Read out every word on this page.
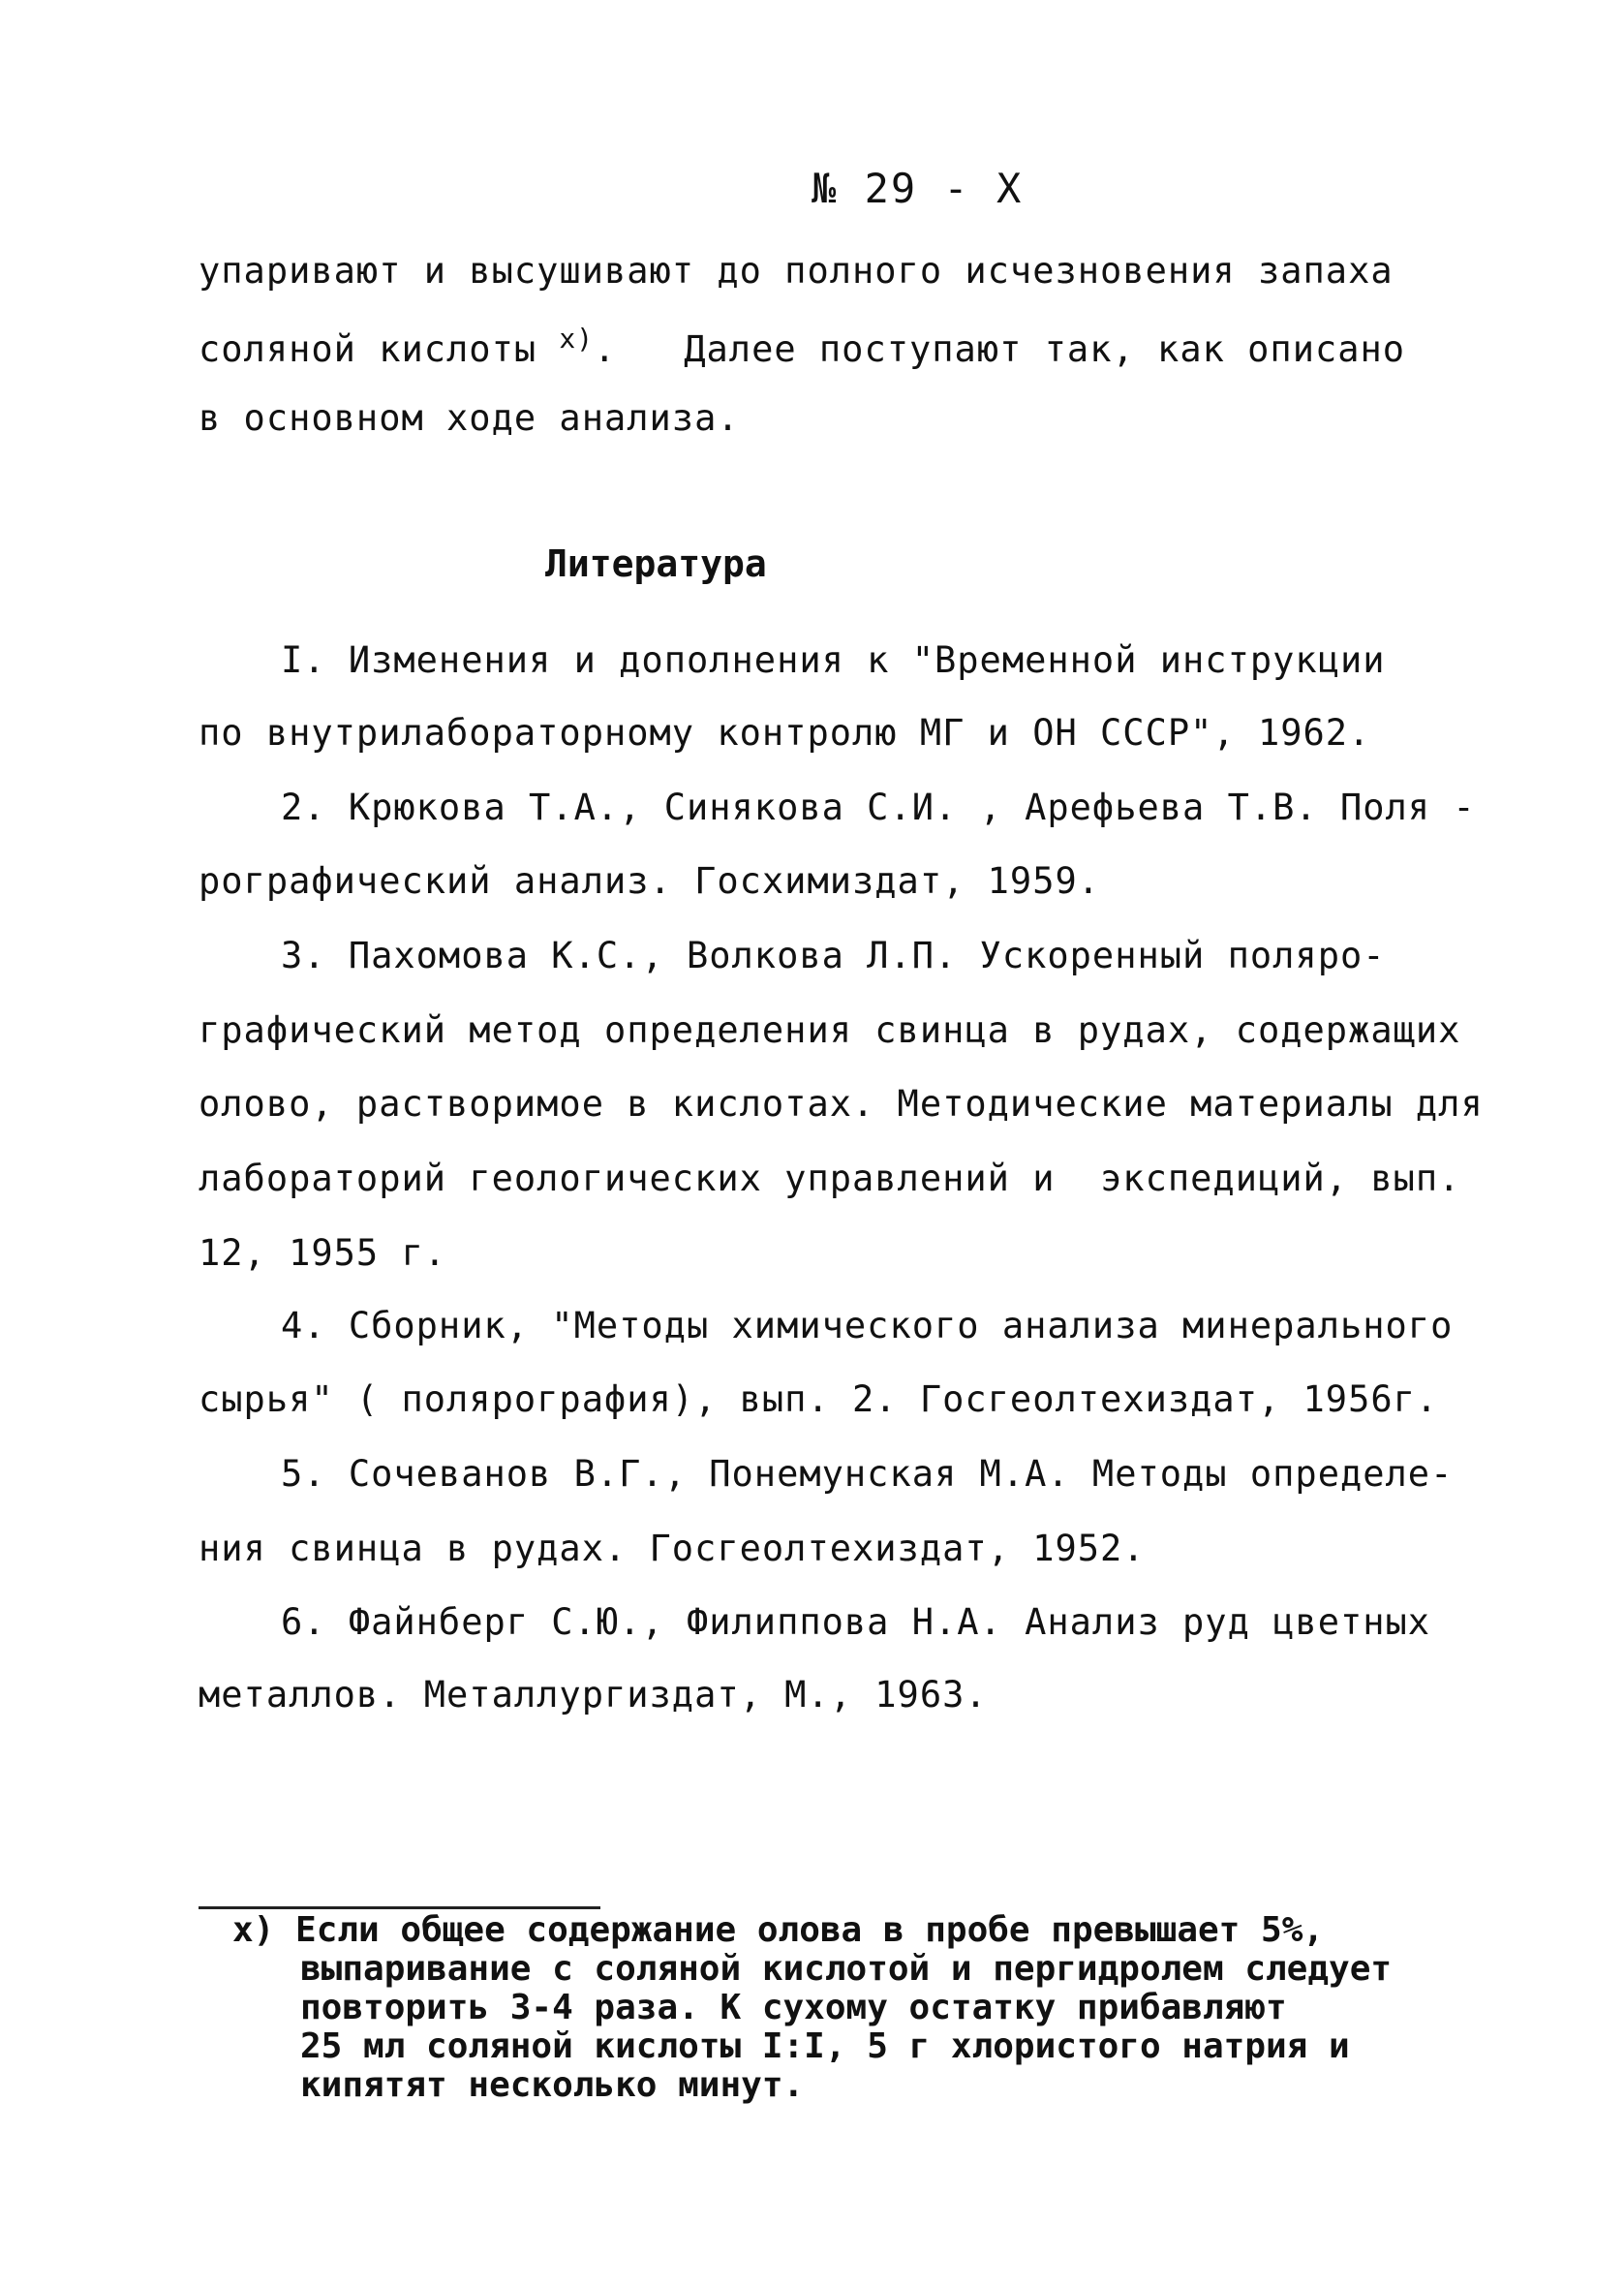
№ 29 - Х
упаривают и высушивают до полного исчезновения запаха
соляной кислоты $^{х)}$.   Далее поступают так, как описано
в основном ходе анализа.
Литература
I. Изменения и дополнения к "Временной инструкции
по внутрилабораторному контролю МГ и ОН СССР", 1962.
2. Крюкова Т.А., Синякова С.И. , Арефьева Т.В. Поля -
рографический анализ. Госхимиздат, 1959.
3. Пахомова К.С., Волкова Л.П. Ускоренный поляро-
графический метод определения свинца в рудах, содержащих
олово, растворимое в кислотах. Методические материалы для
лабораторий геологических управлений и  экспедиций, вып.
12, 1955 г.
4. Сборник, "Методы химического анализа минерального
сырья" ( полярография), вып. 2. Госгеолтехиздат, 1956г.
5. Сочеванов В.Г., Понемунская М.А. Методы определе-
ния свинца в рудах. Госгеолтехиздат, 1952.
6. Файнберг С.Ю., Филиппова Н.А. Анализ руд цветных
металлов. Металлургиздат, М., 1963.
х) Если общее содержание олова в пробе превышает 5%,
выпаривание с соляной кислотой и пергидролем следует
повторить 3-4 раза. К сухому остатку прибавляют
25 мл соляной кислоты I:I, 5 г хлористого натрия и
кипятят несколько минут.
